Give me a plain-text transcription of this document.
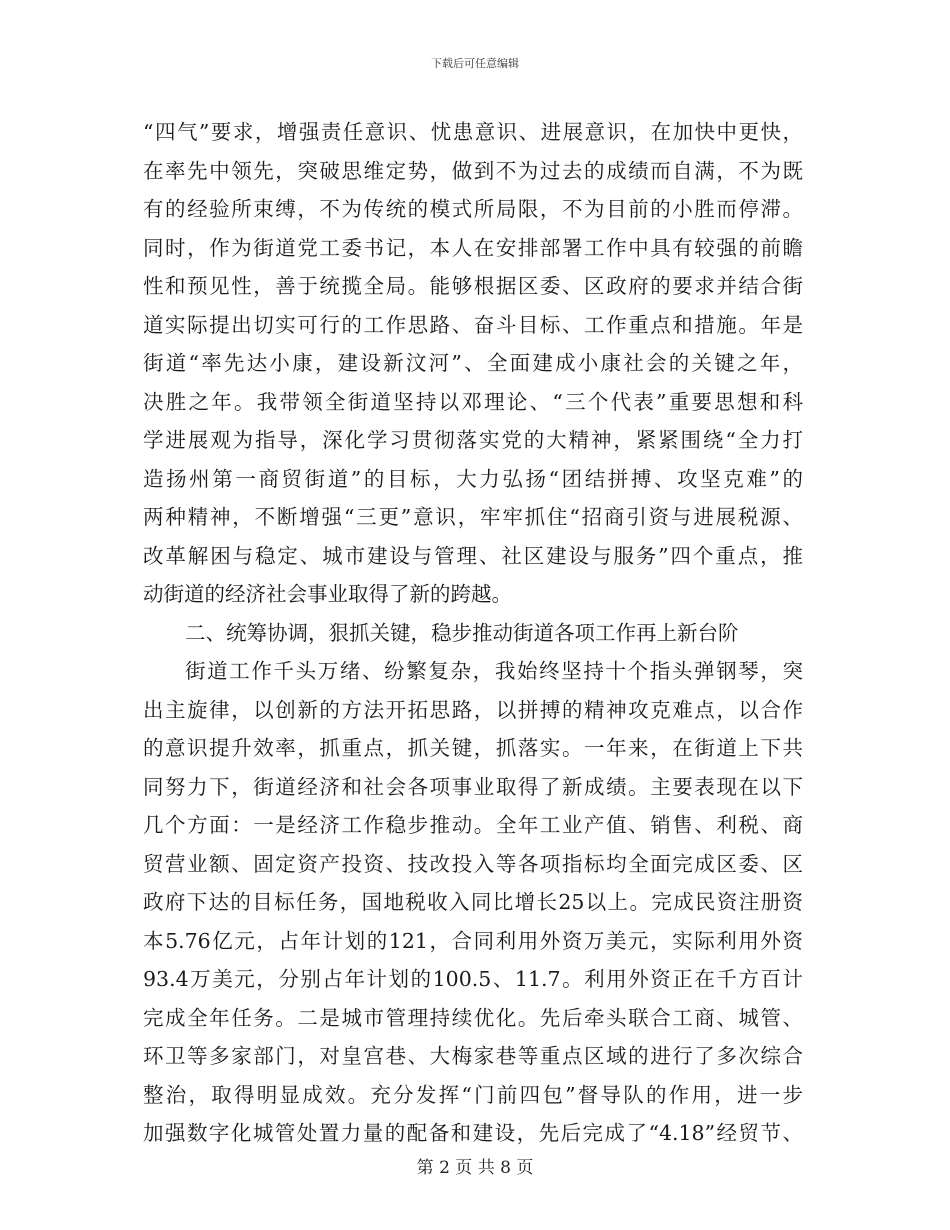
下载后可任意编辑
“四气”要求，增强责任意识、忧患意识、进展意识，在加快中更快，
在率先中领先，突破思维定势，做到不为过去的成绩而自满，不为既
有的经验所束缚，不为传统的模式所局限，不为目前的小胜而停滞。
同时，作为街道党工委书记，本人在安排部署工作中具有较强的前瞻
性和预见性，善于统揽全局。能够根据区委、区政府的要求并结合街
道实际提出切实可行的工作思路、奋斗目标、工作重点和措施。年是
街道“率先达小康，建设新汶河”、全面建成小康社会的关键之年，
决胜之年。我带领全街道坚持以邓理论、“三个代表”重要思想和科
学进展观为指导，深化学习贯彻落实党的大精神，紧紧围绕“全力打
造扬州第一商贸街道”的目标，大力弘扬“团结拼搏、攻坚克难”的
两种精神，不断增强“三更”意识，牢牢抓住“招商引资与进展税源、
改革解困与稳定、城市建设与管理、社区建设与服务”四个重点，推
动街道的经济社会事业取得了新的跨越。
二、统筹协调，狠抓关键，稳步推动街道各项工作再上新台阶
街道工作千头万绪、纷繁复杂，我始终坚持十个指头弹钢琴，突
出主旋律，以创新的方法开拓思路，以拼搏的精神攻克难点，以合作
的意识提升效率，抓重点，抓关键，抓落实。一年来，在街道上下共
同努力下，街道经济和社会各项事业取得了新成绩。主要表现在以下
几个方面：一是经济工作稳步推动。全年工业产值、销售、利税、商
贸营业额、固定资产投资、技改投入等各项指标均全面完成区委、区
政府下达的目标任务，国地税收入同比增长25以上。完成民资注册资
本5.76亿元，占年计划的121，合同利用外资万美元，实际利用外资
93.4万美元，分别占年计划的100.5、11.7。利用外资正在千方百计
完成全年任务。二是城市管理持续优化。先后牵头联合工商、城管、
环卫等多家部门，对皇宫巷、大梅家巷等重点区域的进行了多次综合
整治，取得明显成效。充分发挥“门前四包”督导队的作用，进一步
加强数字化城管处置力量的配备和建设，先后完成了“4.18”经贸节、
第 2 页 共 8 页
